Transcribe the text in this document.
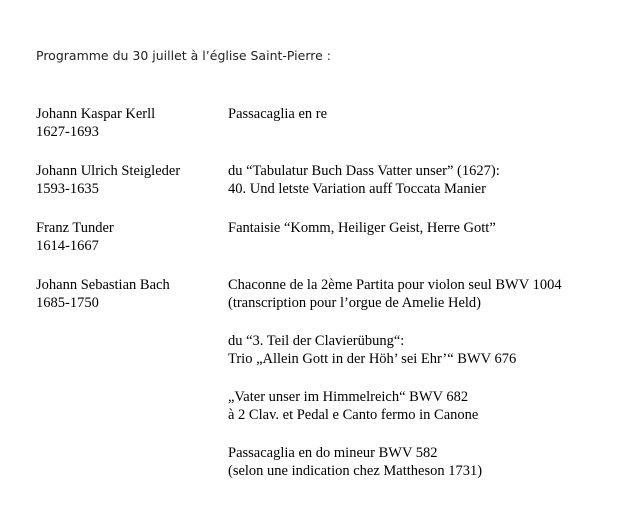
Programme du 30 juillet à l’église Saint-Pierre :
Johann Kaspar Kerll
1627-1693
Passacaglia en re
Johann Ulrich Steigleder
1593-1635
du “Tabulatur Buch Dass Vatter unser” (1627):
40. Und letste Variation auff Toccata Manier
Franz Tunder
1614-1667
Fantaisie “Komm, Heiliger Geist, Herre Gott”
Johann Sebastian Bach
1685-1750
Chaconne de la 2ème Partita pour violon seul BWV 1004
(transcription pour l’orgue de Amelie Held)
du “3. Teil der Clavierübung“:
Trio „Allein Gott in der Höh’ sei Ehr’“ BWV 676
„Vater unser im Himmelreich“ BWV 682
à 2 Clav. et Pedal e Canto fermo in Canone
Passacaglia en do mineur BWV 582
(selon une indication chez Mattheson 1731)
